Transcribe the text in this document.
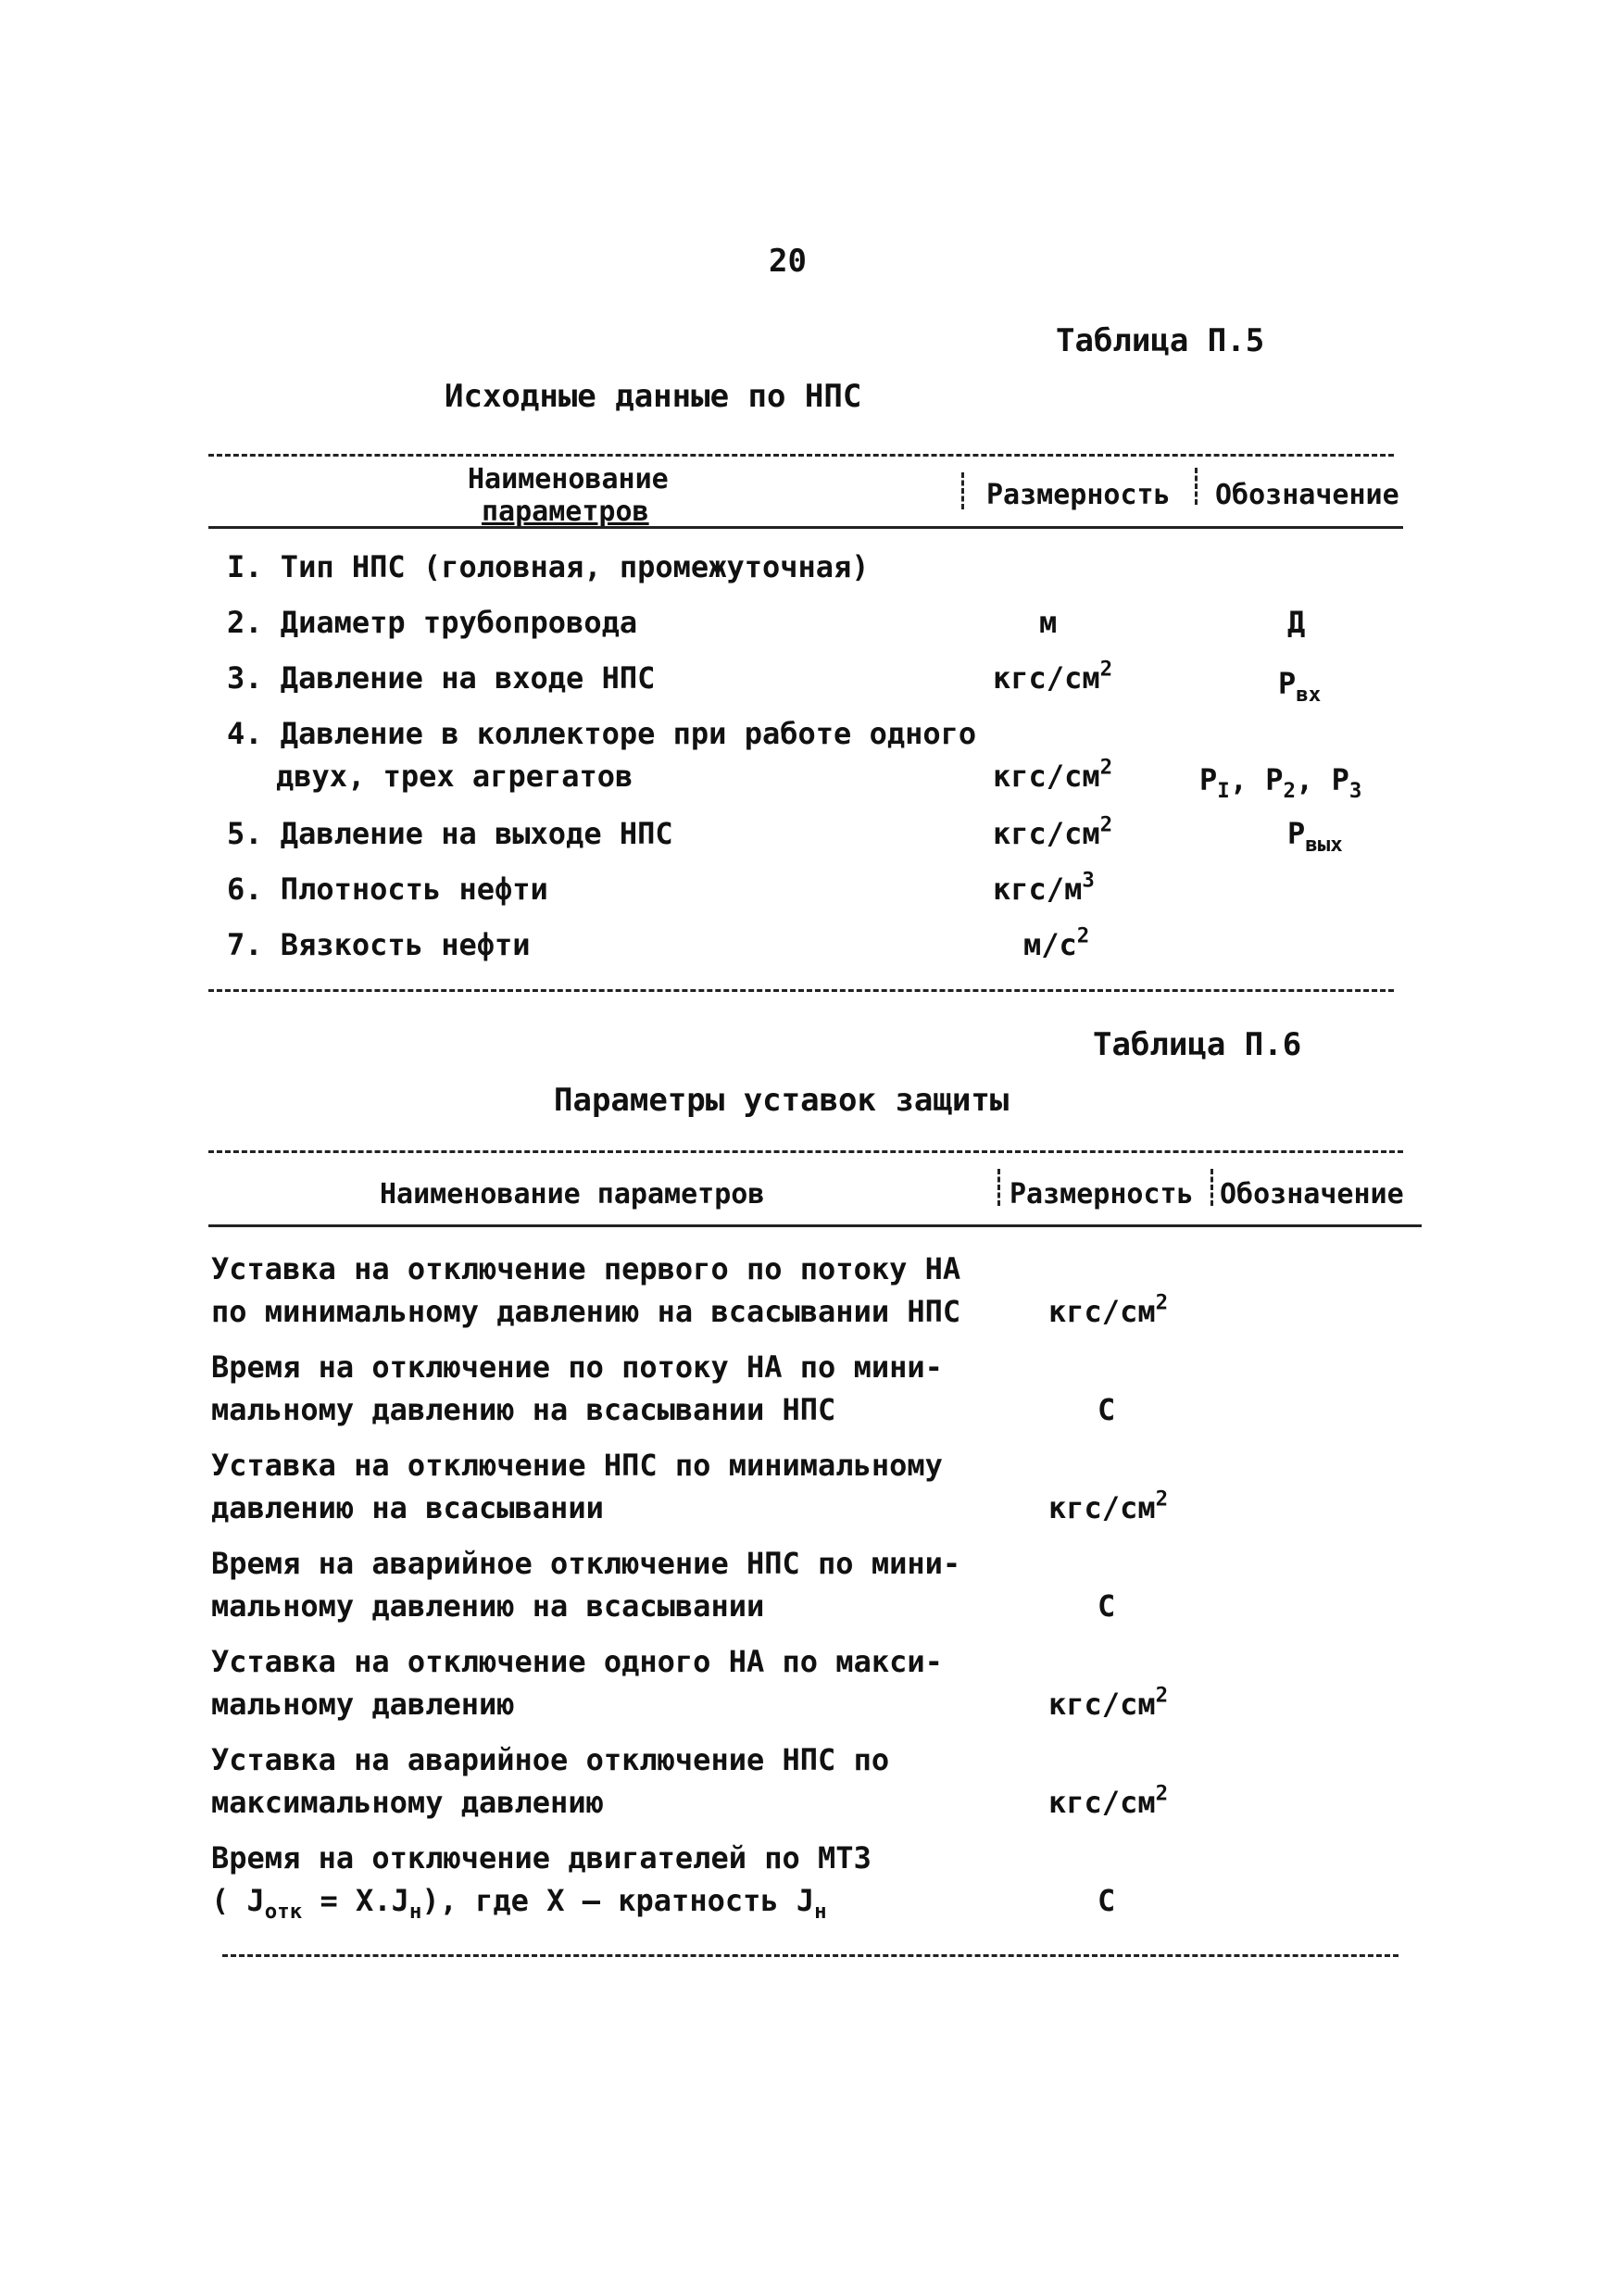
20
Таблица П.5
Исходные данные по НПС
Наименование
параметров
Размерность Обозначение
I. Тип НПС (головная, промежуточная)
2. Диаметр трубопровода	м	Д
3. Давление на входе НПС	кгс/$см^2$	$P_{вх}$
4. Давление в коллекторе при работе одного
двух, трех агрегатов	кгс/$см^2$	$P_I$, $P_2$, $P_3$
5. Давление на выходе НПС	кгс/$см^2$	$P_{вых}$
6. Плотность нефти	кгс/$м^3$
7. Вязкость нефти	$м/с^2$
Таблица П.6
Параметры уставок защиты
Наименование параметров	Размерность Обозначение
Уставка на отключение первого по потоку НА
по минимальному давлению на всасывании НПС	кгс/$см^2$
Время на отключение по потоку НА по мини-
мальному давлению на всасывании НПС	С
Уставка на отключение НПС по минимальному
давлению на всасывании	кгс/$см^2$
Время на аварийное отключение НПС по мини-
мальному давлению на всасывании	С
Уставка на отключение одного НА по макси-
мальному давлению	кгс/$см^2$
Уставка на аварийное отключение НПС по
максимальному давлению	кгс/$см^2$
Время на отключение двигателей по МТЗ
( $J_{отк} = X.J_н$), где X – кратность $J_н$	С
